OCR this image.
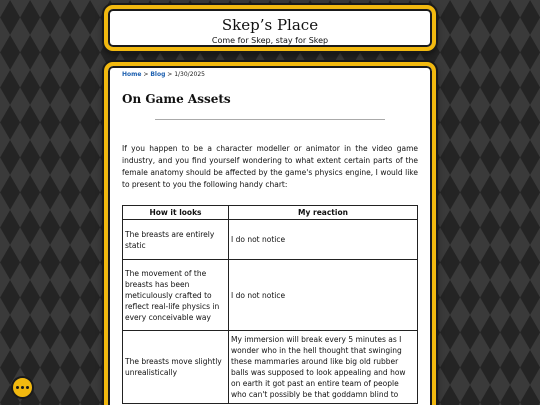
Skep’s Place
Come for Skep, stay for Skep
Home > Blog > 1/30/2025
On Game Assets

If you happen to be a character modeller or animator in the video game industry, and you find yourself wondering to what extent certain parts of the female anatomy should be affected by the game's physics engine, I would like to present to you the following handy chart:

How it looks	My reaction
The breasts are entirely static	I do not notice
The movement of the breasts has been meticulously crafted to reflect real-life physics in every conceivable way	I do not notice
The breasts move slightly unrealistically	My immersion will break every 5 minutes as I wonder who in the hell thought that swinging these mammaries around like big old rubber balls was supposed to look appealing and how on earth it got past an entire team of people who can't possibly be that goddamn blind to
